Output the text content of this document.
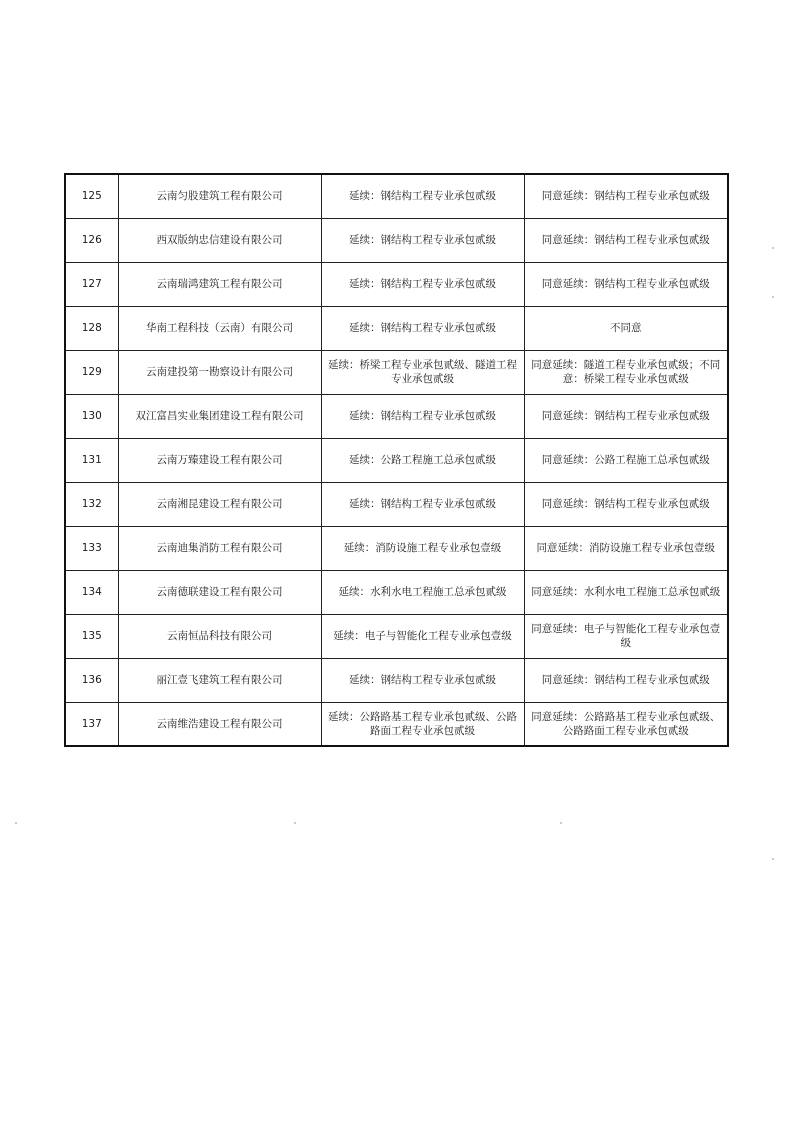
125	云南匀股建筑工程有限公司	延续：钢结构工程专业承包贰级	同意延续：钢结构工程专业承包贰级
126	西双版纳忠信建设有限公司	延续：钢结构工程专业承包贰级	同意延续：钢结构工程专业承包贰级
127	云南瑞鸿建筑工程有限公司	延续：钢结构工程专业承包贰级	同意延续：钢结构工程专业承包贰级
128	华南工程科技（云南）有限公司	延续：钢结构工程专业承包贰级	不同意
129	云南建投第一勘察设计有限公司	延续：桥梁工程专业承包贰级、隧道工程专业承包贰级	同意延续：隧道工程专业承包贰级；不同意：桥梁工程专业承包贰级
130	双江富昌实业集团建设工程有限公司	延续：钢结构工程专业承包贰级	同意延续：钢结构工程专业承包贰级
131	云南万臻建设工程有限公司	延续：公路工程施工总承包贰级	同意延续：公路工程施工总承包贰级
132	云南湘昆建设工程有限公司	延续：钢结构工程专业承包贰级	同意延续：钢结构工程专业承包贰级
133	云南迪集消防工程有限公司	延续：消防设施工程专业承包壹级	同意延续：消防设施工程专业承包壹级
134	云南德联建设工程有限公司	延续：水利水电工程施工总承包贰级	同意延续：水利水电工程施工总承包贰级
135	云南恒品科技有限公司	延续：电子与智能化工程专业承包壹级	同意延续：电子与智能化工程专业承包壹级
136	丽江壹飞建筑工程有限公司	延续：钢结构工程专业承包贰级	同意延续：钢结构工程专业承包贰级
137	云南维浩建设工程有限公司	延续：公路路基工程专业承包贰级、公路路面工程专业承包贰级	同意延续：公路路基工程专业承包贰级、公路路面工程专业承包贰级
